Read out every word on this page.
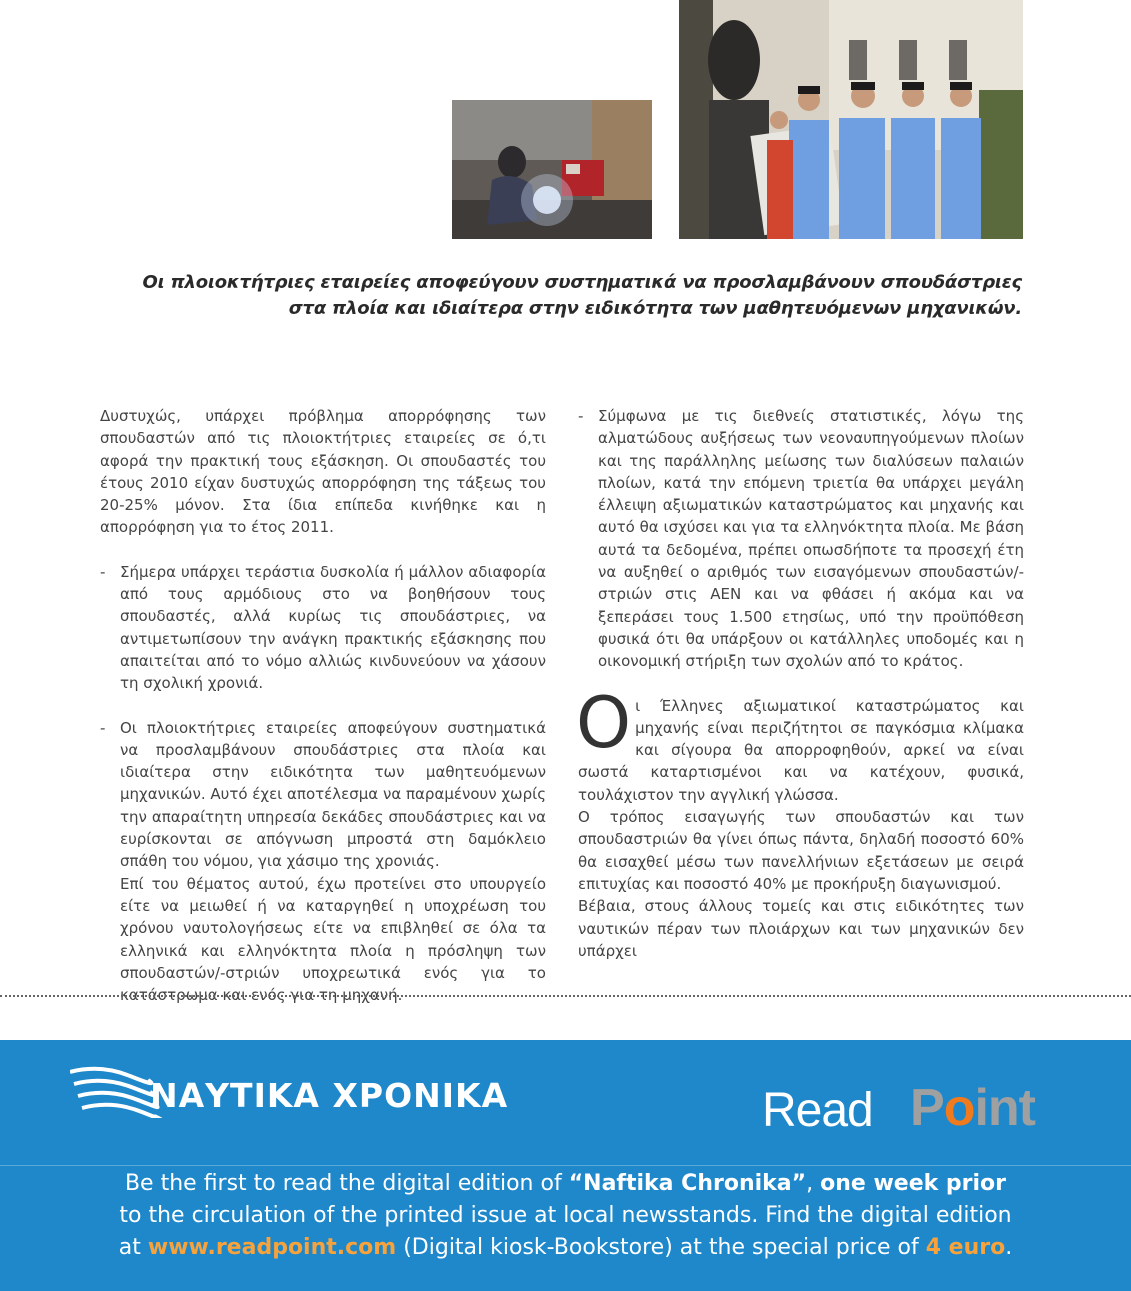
Οι πλοιοκτήτριες εταιρείες αποφεύγουν συστηματικά να προσλαμβάνουν σπουδάστριες
στα πλοία και ιδιαίτερα στην ειδικότητα των μαθητευόμενων μηχανικών.

Δυστυχώς, υπάρχει πρόβλημα απορρόφησης των σπουδαστών από τις πλοιοκτήτριες εταιρείες σε ό,τι αφορά την πρακτική τους εξάσκηση. Οι σπουδαστές του έτους 2010 είχαν δυστυχώς απορρόφηση της τάξεως του 20-25% μόνον. Στα ίδια επίπεδα κινήθηκε και η απορρόφηση για το έτος 2011.

- Σήμερα υπάρχει τεράστια δυσκολία ή μάλλον αδιαφορία από τους αρμόδιους στο να βοηθήσουν τους σπουδαστές, αλλά κυρίως τις σπουδάστριες, να αντιμετωπίσουν την ανάγκη πρακτικής εξάσκησης που απαιτείται από το νόμο αλλιώς κινδυνεύουν να χάσουν τη σχολική χρονιά.

- Οι πλοιοκτήτριες εταιρείες αποφεύγουν συστηματικά να προσλαμβάνουν σπουδάστριες στα πλοία και ιδιαίτερα στην ειδικότητα των μαθητευόμενων μηχανικών. Αυτό έχει αποτέλεσμα να παραμένουν χωρίς την απαραίτητη υπηρεσία δεκάδες σπουδάστριες και να ευρίσκονται σε απόγνωση μπροστά στη δαμόκλειο σπάθη του νόμου, για χάσιμο της χρονιάς.

Επί του θέματος αυτού, έχω προτείνει στο υπουργείο είτε να μειωθεί ή να καταργηθεί η υποχρέωση του χρόνου ναυτολογήσεως είτε να επιβληθεί σε όλα τα ελληνικά και ελληνόκτητα πλοία η πρόσληψη των σπουδαστών/-στριών υποχρεωτικά ενός για το κατάστρωμα και ενός για τη μηχανή.

- Σύμφωνα με τις διεθνείς στατιστικές, λόγω της αλματώδους αυξήσεως των νεοναυπηγούμενων πλοίων και της παράλληλης μείωσης των διαλύσεων παλαιών πλοίων, κατά την επόμενη τριετία θα υπάρχει μεγάλη έλλειψη αξιωματικών καταστρώματος και μηχανής και αυτό θα ισχύσει και για τα ελληνόκτητα πλοία. Με βάση αυτά τα δεδομένα, πρέπει οπωσδήποτε τα προσεχή έτη να αυξηθεί ο αριθμός των εισαγόμενων σπουδαστών/-στριών στις ΑΕΝ και να φθάσει ή ακόμα και να ξεπεράσει τους 1.500 ετησίως, υπό την προϋπόθεση φυσικά ότι θα υπάρξουν οι κατάλληλες υποδομές και η οικονομική στήριξη των σχολών από το κράτος.

Ο ι Έλληνες αξιωματικοί καταστρώματος και μηχανής είναι περιζήτητοι σε παγκόσμια κλίμακα και σίγουρα θα απορροφηθούν, αρκεί να είναι σωστά καταρτισμένοι και να κατέχουν, φυσικά, τουλάχιστον την αγγλική γλώσσα.

Ο τρόπος εισαγωγής των σπουδαστών και των σπουδαστριών θα γίνει όπως πάντα, δηλαδή ποσοστό 60% θα εισαχθεί μέσω των πανελλήνιων εξετάσεων με σειρά επιτυχίας και ποσοστό 40% με προκήρυξη διαγωνισμού.

Βέβαια, στους άλλους τομείς και στις ειδικότητες των ναυτικών πέραν των πλοιάρχων και των μηχανικών δεν υπάρχει

ΝΑΥΤΙΚΑ ΧΡΟΝΙΚΑ	Read Point
Be the first to read the digital edition of “Naftika Chronika”, one week prior
to the circulation of the printed issue at local newsstands. Find the digital edition
at www.readpoint.com (Digital kiosk-Bookstore) at the special price of 4 euro.
